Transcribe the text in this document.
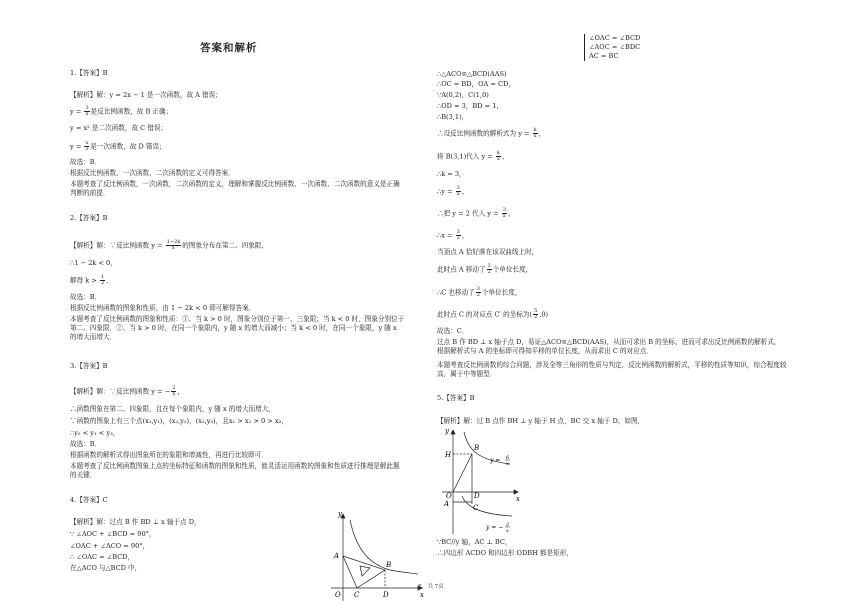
答案和解析
1.【答案】B
【解析】解：y = 2x − 1 是一次函数，故 A 错误；
$y = \frac{3}{x}$ 是反比例函数，故 B 正确；
y = x² 是二次函数，故 C 错误；
$y = \frac{x}{3}$ 是一次函数，故 D 错误；
故选：B．
根据反比例函数、一次函数、二次函数的定义可得答案．
本题考查了反比例函数，一次函数，二次函数的定义，理解和掌握反比例函数、一次函数、二次函数的意义是正确判断的前提．
2.【答案】B
【解析】解：∵反比例函数 $y = \frac{1-2k}{x}$ 的图象分布在第二、四象限，
∴1 − 2k < 0，
解得 $k > \frac{1}{2}$ ．
故选：B．
根据反比例函数的图象和性质，由 1 − 2k < 0 即可解得答案．
本题考查了反比例函数的图象和性质：①、当 k > 0 时，图象分别位于第一、三象限；当 k < 0 时，图象分别位于第二、四象限．②、当 k > 0 时，在同一个象限内，y 随 x 的增大而减小；当 k < 0 时，在同一个象限，y 随 x 的增大而增大．
3.【答案】B
【解析】解：∵反比例函数 y = − $\frac{2}{x}$ ，
∴函数图象在第二、四象限，且在每个象限内，y 随 x 的增大而增大，
∵函数的图象上有三个点(x₁,y₁)，(x₂,y₂)，(x₃,y₃)，且x₁ > x₂ > 0 > x₃，
∴y₂ < y₁ < y₃，
故选：B．
根据函数的解析式得出图象所在的象限和增减性，再进行比较即可．
本题考查了反比例函数图象上点的坐标特征和函数的图象和性质，能灵活运用函数的图象和性质进行推理是解此题的关键．
4.【答案】C
【解析】解：过点 B 作 BD ⊥ x 轴于点 D，
∵ ∠AOC + ∠BCD = 90°，
∠OAC + ∠ACO = 90°，
∴ ∠OAC = ∠BCD，
在△ACO 与△BCD 中，
y
x
A
B
O C	D
∠OAC = ∠BCD
∠AOC = ∠BDC
AC = BC
∴△ACO≌△BCD(AAS)
∴OC = BD，OA = CD，
∵A(0,2)，C(1,0)
∴OD = 3，BD = 1，
∴B(3,1)，
∴设反比例函数的解析式为 $y = \frac{k}{x}$ ，
将 B(3,1)代入 $y = \frac{k}{x}$ ，
∴k = 3，
∴y = $\frac{3}{x}$ ，
∴把 y = 2 代入 $y = \frac{3}{x}$ ，
∴x = $\frac{3}{2}$ ，
当顶点 A 恰好落在该双曲线上时，
此时点 A 移动了 $\frac{3}{2}$ 个单位长度，
∴C 也移动了 $\frac{3}{2}$ 个单位长度，
此时点 C 的对应点 C′ 的坐标为( $\frac{5}{2} ,0$)
故选：C．
过点 B 作 BD ⊥ x 轴于点 D，易证△ACO≌△BCD(AAS)，从而可求出 B 的坐标，进而可求出反比例函数的解析式，根据解析式与 A 的坐标即可得知平移的单位长度，从而求出 C 的对应点．
本题考查反比例函数的综合问题，涉及全等三角形的性质与判定，反比例函数的解析式，平移的性质等知识，综合程度较高，属于中等题型．
5.【答案】B
【解析】解：过 B 点作 BH ⊥ y 轴于 H 点，BC 交 x 轴于 D，如图，
∵BC//y 轴，AC ⊥ BC，
∴四边形 ACDO 和四边形 ODBH 都是矩形，
y
x
H
B
A	C
O	D
y = 6
x
y = − 2
x
E，共 7页
